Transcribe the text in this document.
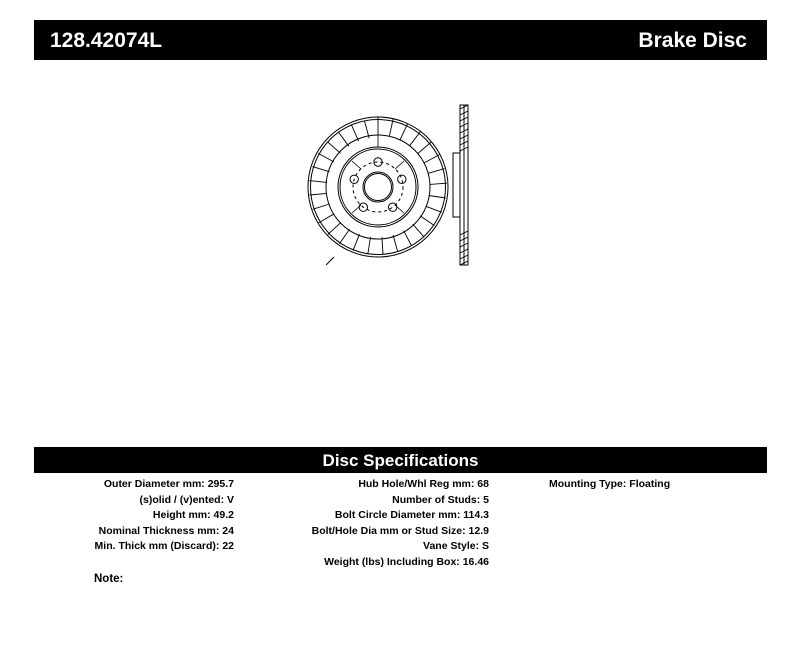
128.42074L	Brake Disc
Disc Specifications
Outer Diameter mm: 295.7
(s)olid / (v)ented: V
Height mm: 49.2
Nominal Thickness mm: 24
Min. Thick mm (Discard): 22
Hub Hole/Whl Reg mm: 68
Number of Studs: 5
Bolt Circle Diameter mm: 114.3
Bolt/Hole Dia mm or Stud Size: 12.9
Vane Style: S
Weight (lbs) Including Box: 16.46
Mounting Type: Floating
Note:
